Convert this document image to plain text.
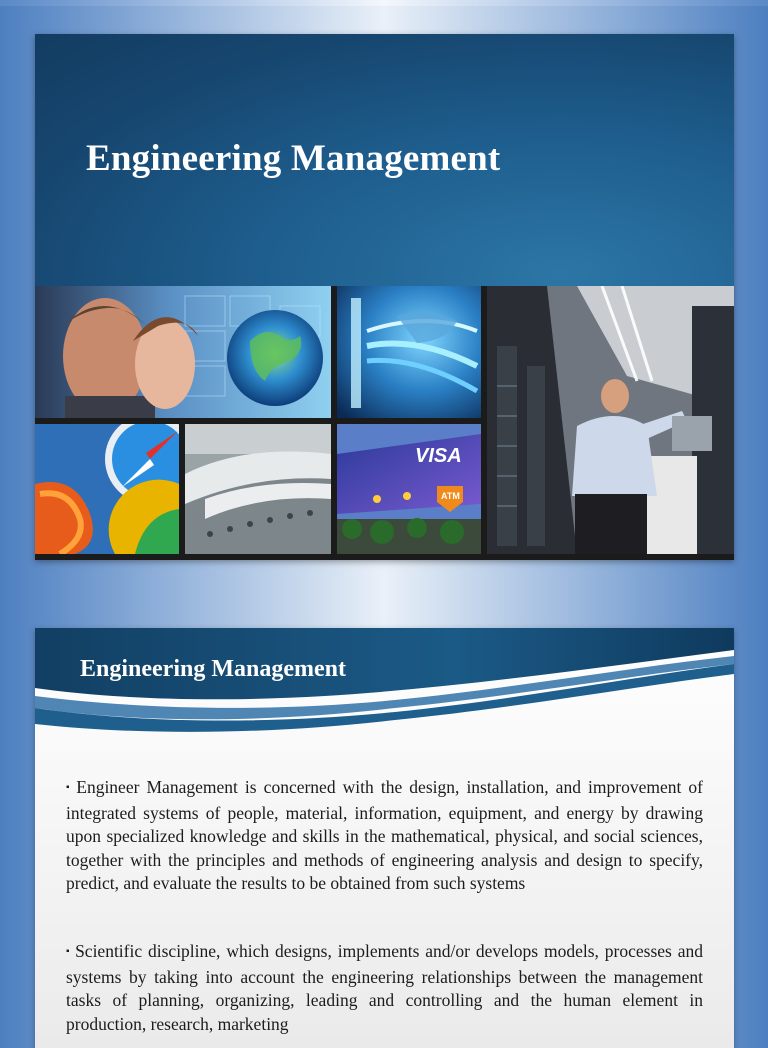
Engineering Management
VISA
ATM
Engineering Management

▪ Engineer Management is concerned with the design, installation, and improvement of integrated systems of people, material, information, equipment, and energy by drawing upon specialized knowledge and skills in the mathematical, physical, and social sciences, together with the principles and methods of engineering analysis and design to specify, predict, and evaluate the results to be obtained from such systems

▪ Scientific discipline, which designs, implements and/or develops models, processes and systems by taking into account the engineering relationships between the management tasks of planning, organizing, leading and controlling and the human element in production, research, marketing
